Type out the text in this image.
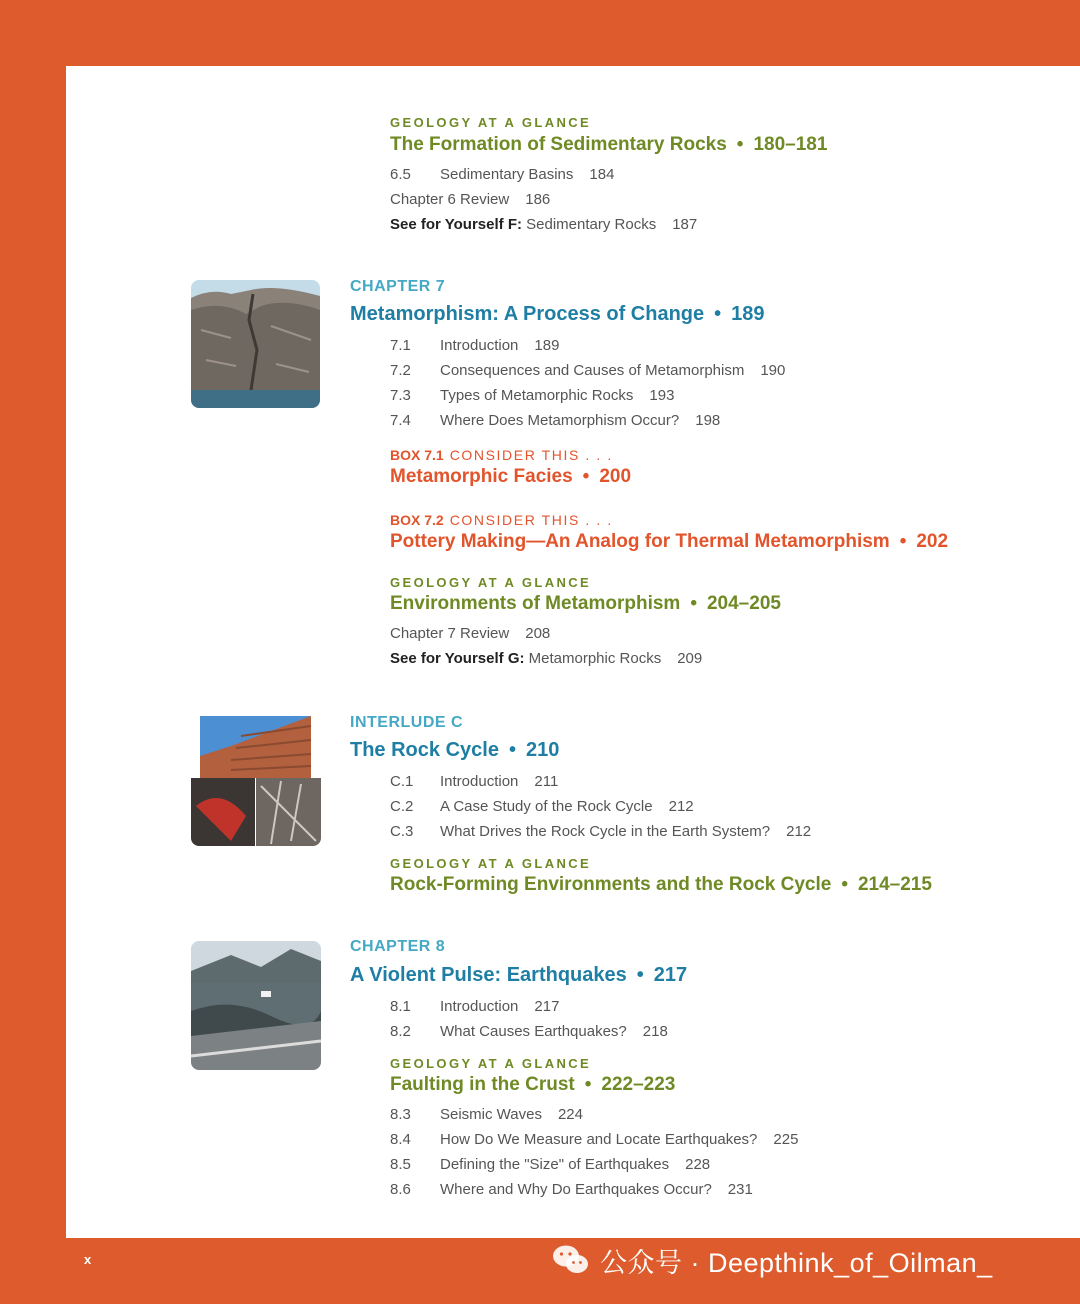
GEOLOGY AT A GLANCE
The Formation of Sedimentary Rocks • 180–181
6.5 Sedimentary Basins 184
Chapter 6 Review 186
See for Yourself F: Sedimentary Rocks 187
CHAPTER 7
Metamorphism: A Process of Change • 189
7.1 Introduction 189
7.2 Consequences and Causes of Metamorphism 190
7.3 Types of Metamorphic Rocks 193
7.4 Where Does Metamorphism Occur? 198
BOX 7.1 CONSIDER THIS . . .
Metamorphic Facies • 200
BOX 7.2 CONSIDER THIS . . .
Pottery Making—An Analog for Thermal Metamorphism • 202
GEOLOGY AT A GLANCE
Environments of Metamorphism • 204–205
Chapter 7 Review 208
See for Yourself G: Metamorphic Rocks 209
INTERLUDE C
The Rock Cycle • 210
C.1 Introduction 211
C.2 A Case Study of the Rock Cycle 212
C.3 What Drives the Rock Cycle in the Earth System? 212
GEOLOGY AT A GLANCE
Rock-Forming Environments and the Rock Cycle • 214–215
CHAPTER 8
A Violent Pulse: Earthquakes • 217
8.1 Introduction 217
8.2 What Causes Earthquakes? 218
GEOLOGY AT A GLANCE
Faulting in the Crust • 222–223
8.3 Seismic Waves 224
8.4 How Do We Measure and Locate Earthquakes? 225
8.5 Defining the "Size" of Earthquakes 228
8.6 Where and Why Do Earthquakes Occur? 231
x	公众号 · Deepthink_of_Oilman_
